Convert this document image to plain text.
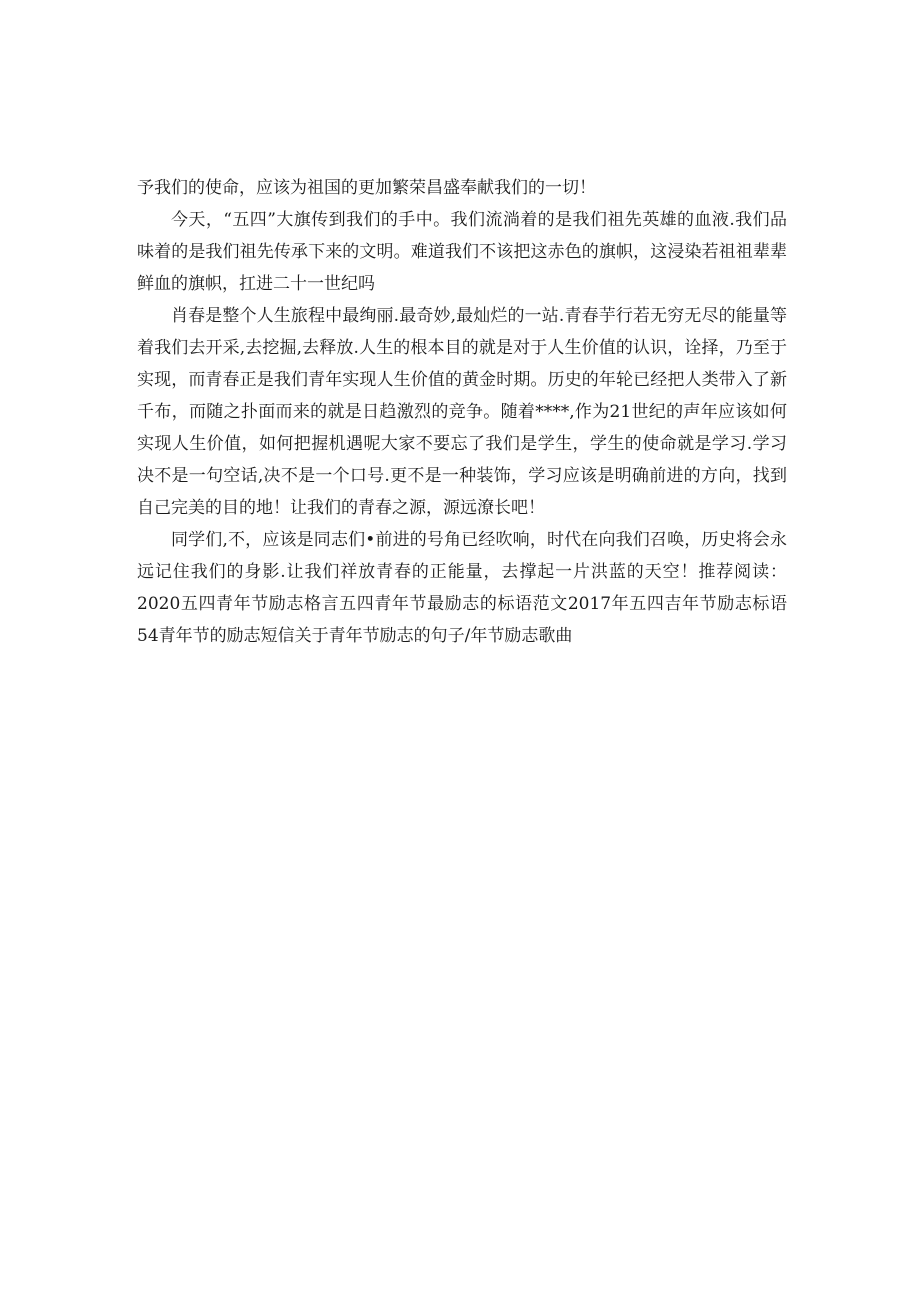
予我们的使命，应该为祖国的更加繁荣昌盛奉献我们的一切！

今天，“五四”大旗传到我们的手中。我们流淌着的是我们祖先英雄的血液.我们品味着的是我们祖先传承下来的文明。难道我们不该把这赤色的旗帜，这浸染若祖祖辈辈鲜血的旗帜，扛进二十一世纪吗

肖春是整个人生旅程中最绚丽.最奇妙,最灿烂的一站.青春芋行若无穷无尽的能量等着我们去开采,去挖掘,去释放.人生的根本目的就是对于人生价值的认识，诠择，乃至于实现，而青春正是我们青年实现人生价值的黄金时期。历史的年轮已经把人类带入了新千布，而随之扑面而来的就是日趋激烈的竞争。随着****,作为21世纪的声年应该如何实现人生价值，如何把握机遇呢大家不要忘了我们是学生，学生的使命就是学习.学习决不是一句空话,决不是一个口号.更不是一种装饰，学习应该是明确前进的方向，找到自己完美的目的地！让我们的青春之源，源远潦长吧！

同学们,不，应该是同志们•前进的号角已经吹响，时代在向我们召唤，历史将会永远记住我们的身影.让我们祥放青春的正能量，去撑起一片洪蓝的天空！推荐阅读：2020五四青年节励志格言五四青年节最励志的标语范文2017年五四吉年节励志标语54青年节的励志短信关于青年节励志的句子/年节励志歌曲
